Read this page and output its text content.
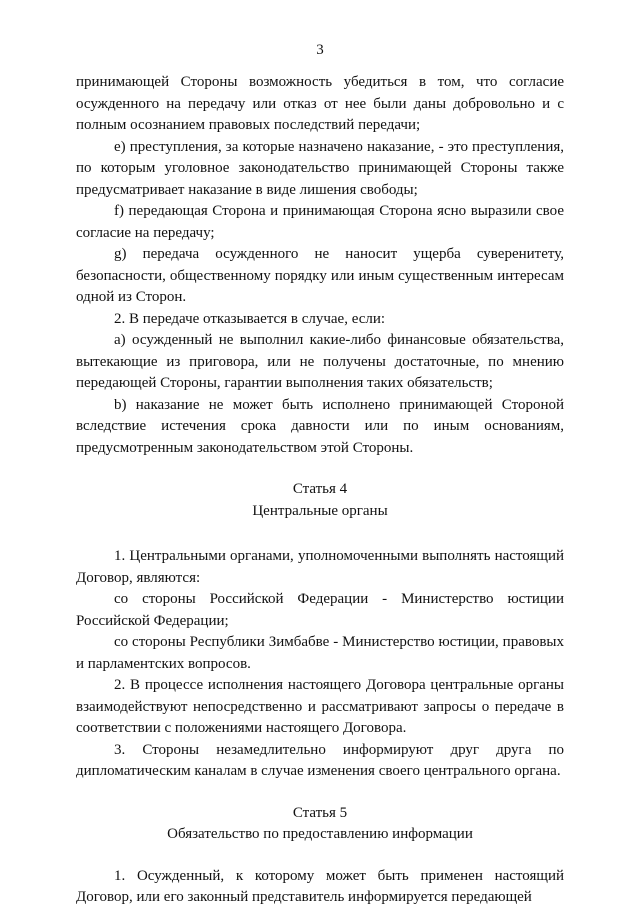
3

принимающей Стороны возможность убедиться в том, что согласие осужденного на передачу или отказ от нее были даны добровольно и с полным осознанием правовых последствий передачи;

e) преступления, за которые назначено наказание, - это преступления, по которым уголовное законодательство принимающей Стороны также предусматривает наказание в виде лишения свободы;

f) передающая Сторона и принимающая Сторона ясно выразили свое согласие на передачу;

g) передача осужденного не наносит ущерба суверенитету, безопасности, общественному порядку или иным существенным интересам одной из Сторон.

2. В передаче отказывается в случае, если:

a) осужденный не выполнил какие-либо финансовые обязательства, вытекающие из приговора, или не получены достаточные, по мнению передающей Стороны, гарантии выполнения таких обязательств;

b) наказание не может быть исполнено принимающей Стороной вследствие истечения срока давности или по иным основаниям, предусмотренным законодательством этой Стороны.

Статья 4
Центральные органы

1. Центральными органами, уполномоченными выполнять настоящий Договор, являются:

со стороны Российской Федерации - Министерство юстиции Российской Федерации;

со стороны Республики Зимбабве - Министерство юстиции, правовых и парламентских вопросов.

2. В процессе исполнения настоящего Договора центральные органы взаимодействуют непосредственно и рассматривают запросы о передаче в соответствии с положениями настоящего Договора.

3. Стороны незамедлительно информируют друг друга по дипломатическим каналам в случае изменения своего центрального органа.

Статья 5
Обязательство по предоставлению информации

1. Осужденный, к которому может быть применен настоящий Договор, или его законный представитель информируется передающей
